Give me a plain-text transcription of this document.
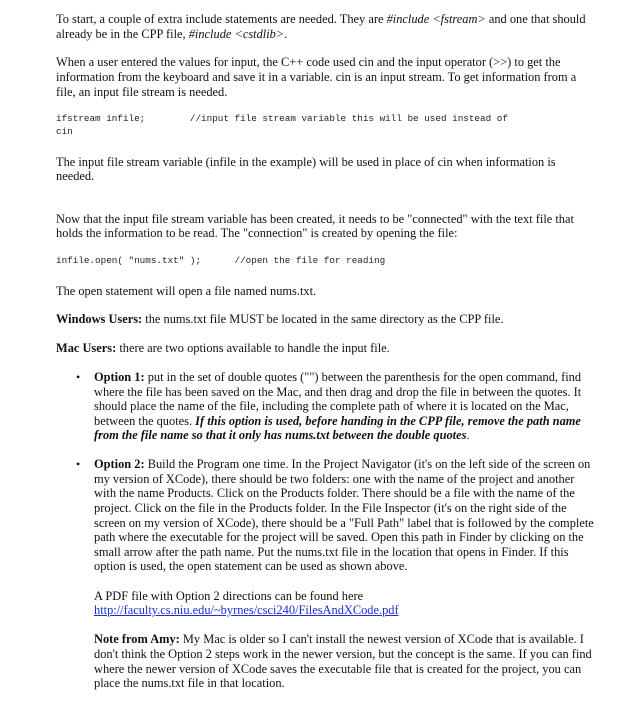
To start, a couple of extra include statements are needed. They are #include <fstream> and one that should already be in the CPP file, #include <cstdlib>.

When a user entered the values for input, the C++ code used cin and the input operator (>>) to get the information from the keyboard and save it in a variable. cin is an input stream. To get information from a file, an input file stream is needed.

ifstream infile;        //input file stream variable this will be used instead of
cin

The input file stream variable (infile in the example) will be used in place of cin when information is needed.

Now that the input file stream variable has been created, it needs to be "connected" with the text file that holds the information to be read. The "connection" is created by opening the file:

infile.open( "nums.txt" );      //open the file for reading

The open statement will open a file named nums.txt.

Windows Users: the nums.txt file MUST be located in the same directory as the CPP file.

Mac Users: there are two options available to handle the input file.

• Option 1: put in the set of double quotes ("") between the parenthesis for the open command, find where the file has been saved on the Mac, and then drag and drop the file in between the quotes. It should place the name of the file, including the complete path of where it is located on the Mac, between the quotes. If this option is used, before handing in the CPP file, remove the path name from the file name so that it only has nums.txt between the double quotes.
• Option 2: Build the Program one time. In the Project Navigator (it's on the left side of the screen on my version of XCode), there should be two folders: one with the name of the project and another with the name Products. Click on the Products folder. There should be a file with the name of the project. Click on the file in the Products folder. In the File Inspector (it's on the right side of the screen on my version of XCode), there should be a "Full Path" label that is followed by the complete path where the executable for the project will be saved. Open this path in Finder by clicking on the small arrow after the path name. Put the nums.txt file in the location that opens in Finder. If this option is used, the open statement can be used as shown above.

A PDF file with Option 2 directions can be found here
http://faculty.cs.niu.edu/~byrnes/csci240/FilesAndXCode.pdf

Note from Amy: My Mac is older so I can't install the newest version of XCode that is available. I don't think the Option 2 steps work in the newer version, but the concept is the same. If you can find where the newer version of XCode saves the executable file that is created for the project, you can place the nums.txt file in that location.
